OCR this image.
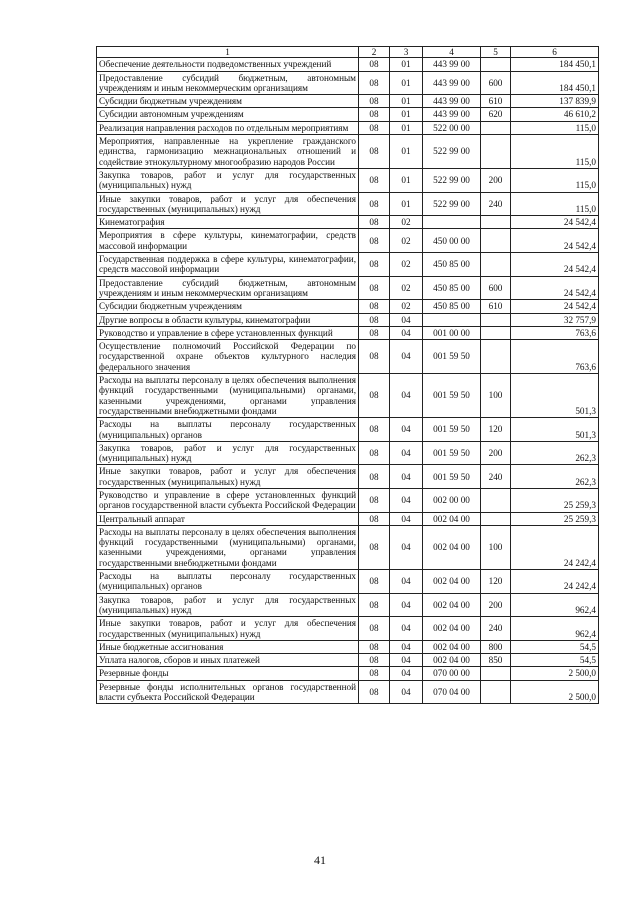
1	2	3	4	5	6
Обеспечение деятельности подведомственных учреждений	08	01	443 99 00		184 450,1
Предоставление субсидий бюджетным, автономным учреждениям и иным некоммерческим организациям	08	01	443 99 00	600	184 450,1
Субсидии бюджетным учреждениям	08	01	443 99 00	610	137 839,9
Субсидии автономным учреждениям	08	01	443 99 00	620	46 610,2
Реализация направления расходов по отдельным мероприятиям	08	01	522 00 00		115,0
Мероприятия, направленные на укрепление гражданского единства, гармонизацию межнациональных отношений и содействие этнокультурному многообразию народов России	08	01	522 99 00		115,0
Закупка товаров, работ и услуг для государственных (муниципальных) нужд	08	01	522 99 00	200	115,0
Иные закупки товаров, работ и услуг для обеспечения государственных (муниципальных) нужд	08	01	522 99 00	240	115,0
Кинематография	08	02			24 542,4
Мероприятия в сфере культуры, кинематографии, средств массовой информации	08	02	450 00 00		24 542,4
Государственная поддержка в сфере культуры, кинематографии, средств массовой информации	08	02	450 85 00		24 542,4
Предоставление субсидий бюджетным, автономным учреждениям и иным некоммерческим организациям	08	02	450 85 00	600	24 542,4
Субсидии бюджетным учреждениям	08	02	450 85 00	610	24 542,4
Другие вопросы в области культуры, кинематографии	08	04			32 757,9
Руководство и управление в сфере установленных функций	08	04	001 00 00		763,6
Осуществление полномочий Российской Федерации по государственной охране объектов культурного наследия федерального значения	08	04	001 59 50		763,6
Расходы на выплаты персоналу в целях обеспечения выполнения функций государственными (муниципальными) органами, казенными учреждениями, органами управления государственными внебюджетными фондами	08	04	001 59 50	100	501,3
Расходы на выплаты персоналу государственных (муниципальных) органов	08	04	001 59 50	120	501,3
Закупка товаров, работ и услуг для государственных (муниципальных) нужд	08	04	001 59 50	200	262,3
Иные закупки товаров, работ и услуг для обеспечения государственных (муниципальных) нужд	08	04	001 59 50	240	262,3
Руководство и управление в сфере установленных функций органов государственной власти субъекта Российской Федерации	08	04	002 00 00		25 259,3
Центральный аппарат	08	04	002 04 00		25 259,3
Расходы на выплаты персоналу в целях обеспечения выполнения функций государственными (муниципальными) органами, казенными учреждениями, органами управления государственными внебюджетными фондами	08	04	002 04 00	100	24 242,4
Расходы на выплаты персоналу государственных (муниципальных) органов	08	04	002 04 00	120	24 242,4
Закупка товаров, работ и услуг для государственных (муниципальных) нужд	08	04	002 04 00	200	962,4
Иные закупки товаров, работ и услуг для обеспечения государственных (муниципальных) нужд	08	04	002 04 00	240	962,4
Иные бюджетные ассигнования	08	04	002 04 00	800	54,5
Уплата налогов, сборов и иных платежей	08	04	002 04 00	850	54,5
Резервные фонды	08	04	070 00 00		2 500,0
Резервные фонды исполнительных органов государственной власти субъекта Российской Федерации	08	04	070 04 00		2 500,0
41
